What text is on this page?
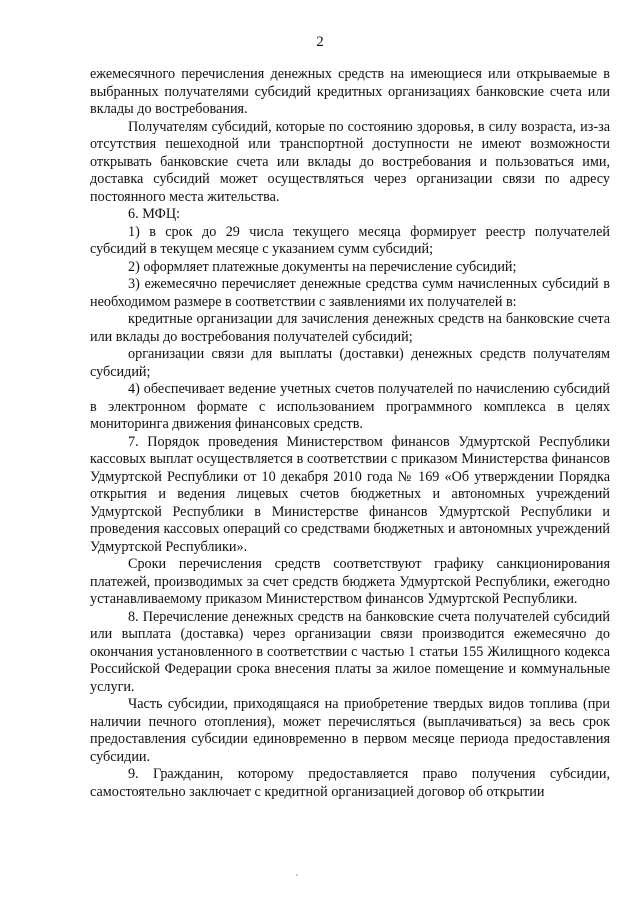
2

ежемесячного перечисления денежных средств на имеющиеся или открываемые в выбранных получателями субсидий кредитных организациях банковские счета или вклады до востребования.

Получателям субсидий, которые по состоянию здоровья, в силу возраста, из-за отсутствия пешеходной или транспортной доступности не имеют возможности открывать банковские счета или вклады до востребования и пользоваться ими, доставка субсидий может осуществляться через организации связи по адресу постоянного места жительства.

6. МФЦ:

1) в срок до 29 числа текущего месяца формирует реестр получателей субсидий в текущем месяце с указанием сумм субсидий;

2) оформляет платежные документы на перечисление субсидий;

3) ежемесячно перечисляет денежные средства сумм начисленных субсидий в необходимом размере в соответствии с заявлениями их получателей в:

кредитные организации для зачисления денежных средств на банковские счета или вклады до востребования получателей субсидий;

организации связи для выплаты (доставки) денежных средств получателям субсидий;

4) обеспечивает ведение учетных счетов получателей по начислению субсидий в электронном формате с использованием программного комплекса в целях мониторинга движения финансовых средств.

7. Порядок проведения Министерством финансов Удмуртской Республики кассовых выплат осуществляется в соответствии с приказом Министерства финансов Удмуртской Республики от 10 декабря 2010 года № 169 «Об утверждении Порядка открытия и ведения лицевых счетов бюджетных и автономных учреждений Удмуртской Республики в Министерстве финансов Удмуртской Республики и проведения кассовых операций со средствами бюджетных и автономных учреждений Удмуртской Республики».

Сроки перечисления средств соответствуют графику санкционирования платежей, производимых за счет средств бюджета Удмуртской Республики, ежегодно устанавливаемому приказом Министерством финансов Удмуртской Республики.

8. Перечисление денежных средств на банковские счета получателей субсидий или выплата (доставка) через организации связи производится ежемесячно до окончания установленного в соответствии с частью 1 статьи 155 Жилищного кодекса Российской Федерации срока внесения платы за жилое помещение и коммунальные услуги.

Часть субсидии, приходящаяся на приобретение твердых видов топлива (при наличии печного отопления), может перечисляться (выплачиваться) за весь срок предоставления субсидии единовременно в первом месяце периода предоставления субсидии.

9. Гражданин, которому предоставляется право получения субсидии, самостоятельно заключает с кредитной организацией договор об открытии
